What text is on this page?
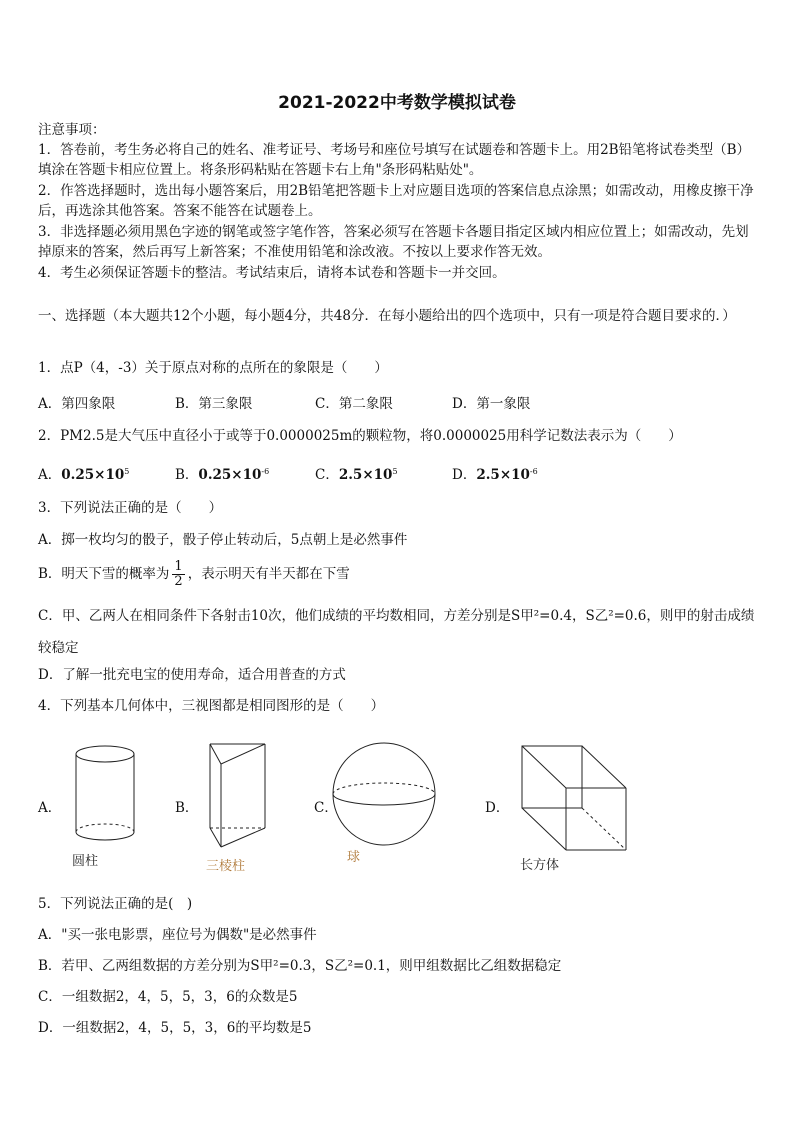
2021-2022中考数学模拟试卷
注意事项：
1．答卷前，考生务必将自己的姓名、准考证号、考场号和座位号填写在试题卷和答题卡上。用2B铅笔将试卷类型（B）填涂在答题卡相应位置上。将条形码粘贴在答题卡右上角"条形码粘贴处"。
2．作答选择题时，选出每小题答案后，用2B铅笔把答题卡上对应题目选项的答案信息点涂黑；如需改动，用橡皮擦干净后，再选涂其他答案。答案不能答在试题卷上。
3．非选择题必须用黑色字迹的钢笔或签字笔作答，答案必须写在答题卡各题目指定区域内相应位置上；如需改动，先划掉原来的答案，然后再写上新答案；不准使用铅笔和涂改液。不按以上要求作答无效。
4．考生必须保证答题卡的整洁。考试结束后，请将本试卷和答题卡一并交回。
一、选择题（本大题共12个小题，每小题4分，共48分．在每小题给出的四个选项中，只有一项是符合题目要求的．）
1．点P（4，-3）关于原点对称的点所在的象限是（　　）
A．第四象限	B．第三象限	C．第二象限	D．第一象限
2．PM2.5是大气压中直径小于或等于0.0000025m的颗粒物，将0.0000025用科学记数法表示为（　　）
A．$0.25\times 10^5$	B．$0.25\times 10^{-6}$	C．$2.5\times 10^5$	D．$2.5\times 10^{-6}$
3．下列说法正确的是（　　）
A．掷一枚均匀的骰子，骰子停止转动后，5点朝上是必然事件
B．明天下雪的概率为 $\frac{1}{2}$ ，表示明天有半天都在下雪
C．甲、乙两人在相同条件下各射击10次，他们成绩的平均数相同，方差分别是S甲²=0.4，S乙²=0.6，则甲的射击成绩较稳定
D．了解一批充电宝的使用寿命，适合用普查的方式
4．下列基本几何体中，三视图都是相同图形的是（　　）
A．	B．	C．	D．
圆柱	三棱柱
球
长方体
5．下列说法正确的是(　)
A．"买一张电影票，座位号为偶数"是必然事件
B．若甲、乙两组数据的方差分别为S甲²=0.3，S乙²=0.1，则甲组数据比乙组数据稳定
C．一组数据2，4，5，5，3，6的众数是5
D．一组数据2，4，5，5，3，6的平均数是5
